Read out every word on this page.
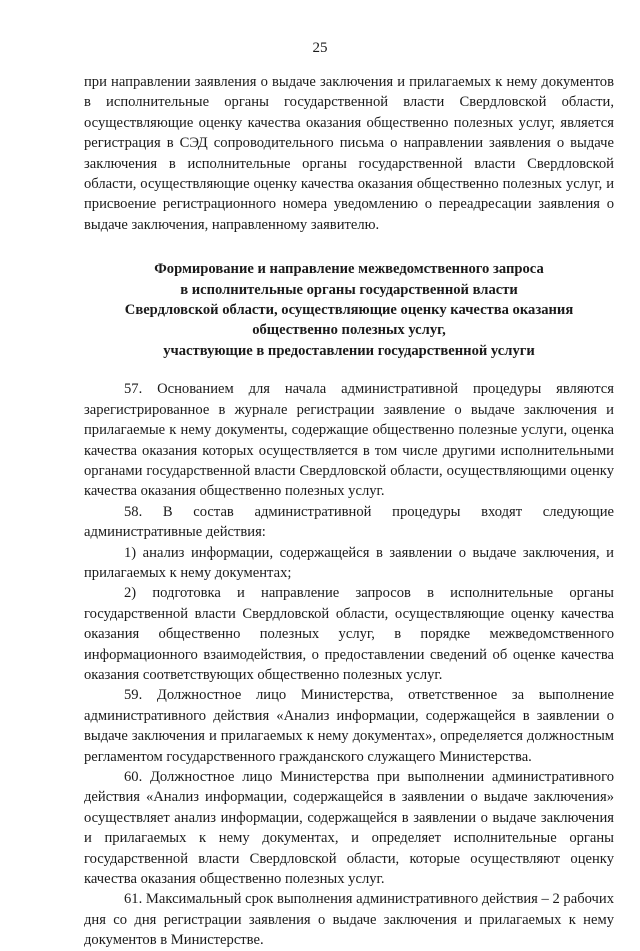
25

при направлении заявления о выдаче заключения и прилагаемых к нему документов в исполнительные органы государственной власти Свердловской области, осуществляющие оценку качества оказания общественно полезных услуг, является регистрация в СЭД сопроводительного письма о направлении заявления о выдаче заключения в исполнительные органы государственной власти Свердловской области, осуществляющие оценку качества оказания общественно полезных услуг, и присвоение регистрационного номера уведомлению о переадресации заявления о выдаче заключения, направленному заявителю.

Формирование и направление межведомственного запроса
в исполнительные органы государственной власти
Свердловской области, осуществляющие оценку качества оказания
общественно полезных услуг,
участвующие в предоставлении государственной услуги

57. Основанием для начала административной процедуры являются зарегистрированное в журнале регистрации заявление о выдаче заключения и прилагаемые к нему документы, содержащие общественно полезные услуги, оценка качества оказания которых осуществляется в том числе другими исполнительными органами государственной власти Свердловской области, осуществляющими оценку качества оказания общественно полезных услуг.

58. В состав административной процедуры входят следующие административные действия:

1) анализ информации, содержащейся в заявлении о выдаче заключения, и прилагаемых к нему документах;

2) подготовка и направление запросов в исполнительные органы государственной власти Свердловской области, осуществляющие оценку качества оказания общественно полезных услуг, в порядке межведомственного информационного взаимодействия, о предоставлении сведений об оценке качества оказания соответствующих общественно полезных услуг.

59. Должностное лицо Министерства, ответственное за выполнение административного действия «Анализ информации, содержащейся в заявлении о выдаче заключения и прилагаемых к нему документах», определяется должностным регламентом государственного гражданского служащего Министерства.

60. Должностное лицо Министерства при выполнении административного действия «Анализ информации, содержащейся в заявлении о выдаче заключения» осуществляет анализ информации, содержащейся в заявлении о выдаче заключения и прилагаемых к нему документах, и определяет исполнительные органы государственной власти Свердловской области, которые осуществляют оценку качества оказания общественно полезных услуг.

61. Максимальный срок выполнения административного действия – 2 рабочих дня со дня регистрации заявления о выдаче заключения и прилагаемых к нему документов в Министерстве.
